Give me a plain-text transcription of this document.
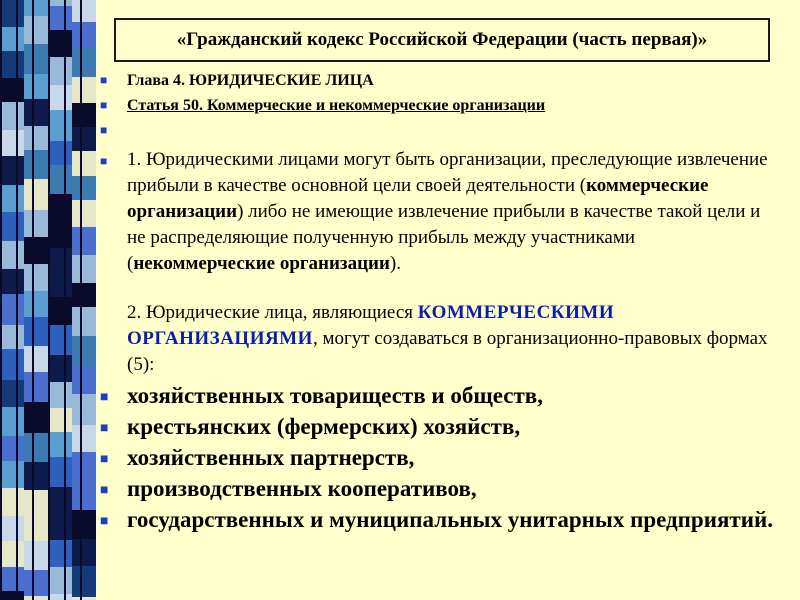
«Гражданский кодекс Российской Федерации (часть первая)»
■ Глава 4. ЮРИДИЧЕСКИЕ ЛИЦА
■ Статья 50. Коммерческие и некоммерческие организации
■
■ 1. Юридическими лицами могут быть организации, преследующие извлечение прибыли в качестве основной цели своей деятельности (коммерческие организации) либо не имеющие извлечение прибыли в качестве такой цели и не распределяющие полученную прибыль между участниками (некоммерческие организации).
2. Юридические лица, являющиеся КОММЕРЧЕСКИМИ ОРГАНИЗАЦИЯМИ, могут создаваться в организационно-правовых формах (5):
■ хозяйственных товариществ и обществ,
■ крестьянских (фермерских) хозяйств,
■ хозяйственных партнерств,
■ производственных кооперативов,
■ государственных и муниципальных унитарных предприятий.
